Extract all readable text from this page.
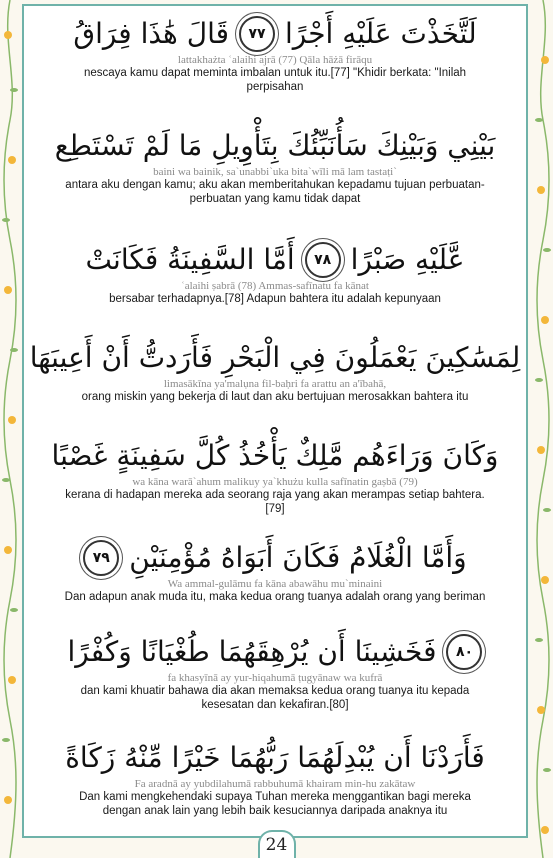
لَتَّخَذْتَ عَلَيْهِ أَجْرًا
٧٧
قَالَ هَٰذَا فِرَاقُ
lattakhażta ʿalaihi ajrā (77) Qāla hāżā firāqu
nescaya kamu dapat meminta imbalan untuk itu.[77] "Khidir berkata: "Inilah perpisahan
بَيْنِي وَبَيْنِكَ سَأُنَبِّئُكَ بِتَأْوِيلِ مَا لَمْ تَسْتَطِع
baini wa bainik, sa`unabbi`uka bita`wīli mā lam tastaṭi`
antara aku dengan kamu; aku akan memberitahukan kepadamu tujuan perbuatan-perbuatan yang kamu tidak dapat
عَّلَيْهِ صَبْرًا
٧٨
أَمَّا السَّفِينَةُ فَكَانَتْ
ʿalaihi ṣabrā (78) Ammas-safīnatu fa kānat
bersabar terhadapnya.[78] Adapun bahtera itu adalah kepunyaan
لِمَسَٰكِينَ يَعْمَلُونَ فِي الْبَحْرِ فَأَرَدتُّ أَنْ أَعِيبَهَا
limasākīna ya'malụna fil-baḥri fa arattu an a'ībahā,
orang miskin yang bekerja di laut dan aku bertujuan merosakkan bahtera itu
وَكَانَ وَرَاءَهُم مَّلِكٌ يَأْخُذُ كُلَّ سَفِينَةٍ غَصْبًا
wa kāna warā`ahum malikuy ya`khużu kulla safīnatin gaṣbā (79)
kerana di hadapan mereka ada seorang raja yang akan merampas setiap bahtera.[79]
وَأَمَّا الْغُلَامُ فَكَانَ أَبَوَاهُ مُؤْمِنَيْنِ
٧٩
Wa ammal-gulāmu fa kāna abawāhu mu`minaini
Dan adapun anak muda itu, maka kedua orang tuanya adalah orang yang beriman
٨٠
فَخَشِينَا أَن يُرْهِقَهُمَا طُغْيَانًا وَكُفْرًا
fa khasyīnā ay yur-hiqahumā ṭugyānaw wa kufrā
dan kami khuatir bahawa dia akan memaksa kedua orang tuanya itu kepada kesesatan dan kekafiran.[80]
فَأَرَدْنَا أَن يُبْدِلَهُمَا رَبُّهُمَا خَيْرًا مِّنْهُ زَكَاةً
Fa aradnā ay yubdilahumā rabbuhumā khairam min-hu zakātaw
Dan kami mengkehendaki supaya Tuhan mereka menggantikan bagi mereka dengan anak lain yang lebih baik kesuciannya daripada anaknya itu
24
